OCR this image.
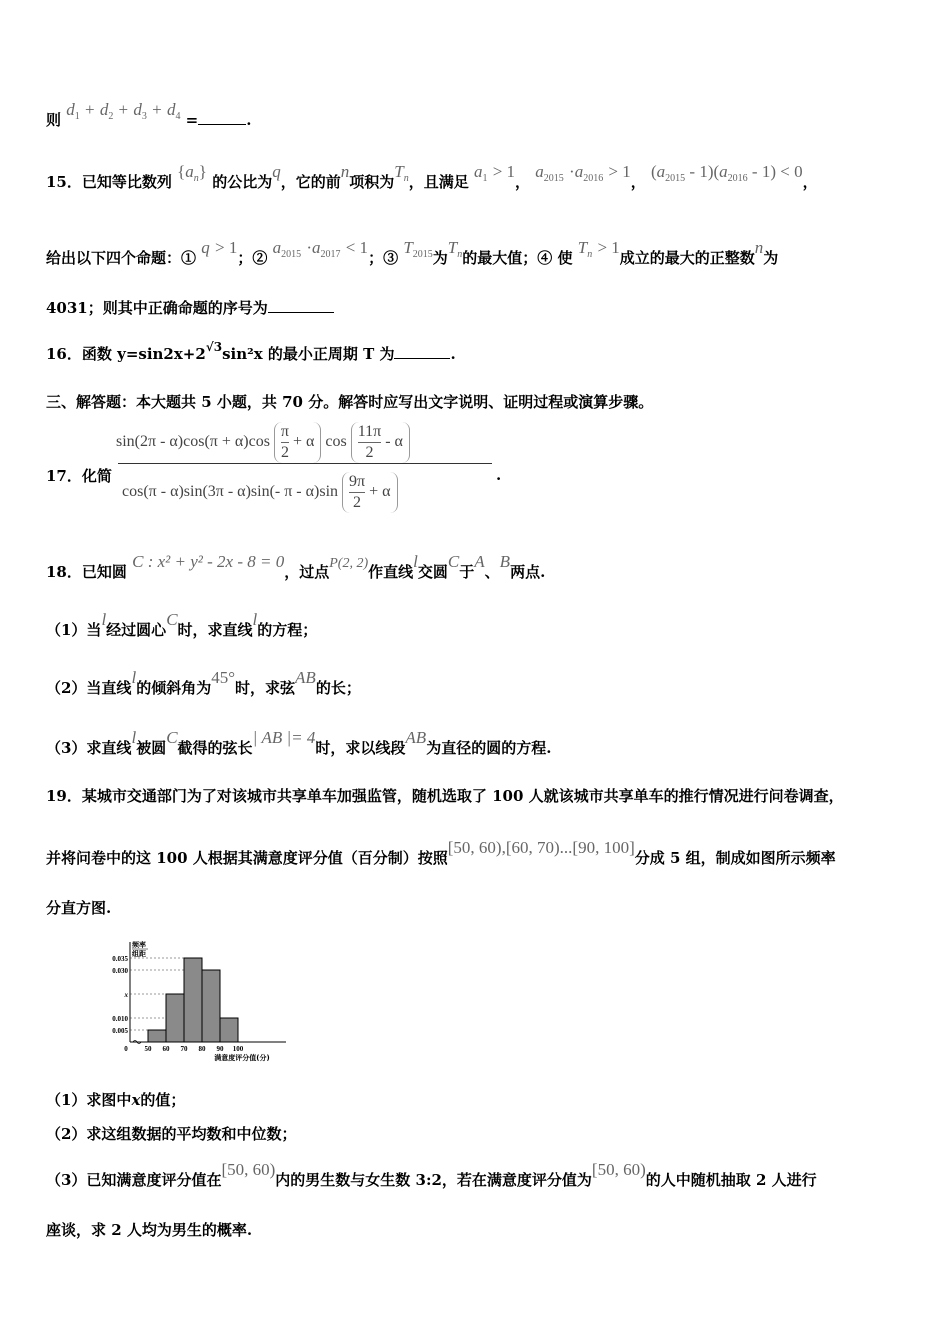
则 $d_1 + d_2 + d_3 + d_4$ =	.
15．已知等比数列 $\{a_n\}$ 的公比为q，它的前n项积为$T_n$，且满足 $a_1 > 1$， $a_{2015} \cdot a_{2016} > 1$， $(a_{2015} - 1)(a_{2016} - 1) < 0$，
给出以下四个命题：① q > 1；② $a_{2015} \cdot a_{2017} < 1$；③ $T_{2015}$为$T_n$的最大值；④ 使 $T_n > 1$成立的最大的正整数n为
4031；则其中正确命题的序号为
16．函数 $y=\sin 2x+2^{√3}\sin^2x$ 的最小正周期 T 为	.
三、解答题：本大题共 5 小题，共 70 分。解答时应写出文字说明、证明过程或演算步骤。
17．化简
$\sin(2\pi - \alpha)\cos(\pi + \alpha)\cos \frac{\pi}{2} + \alpha$ $\cos \frac{11\pi}{2}$ - α
.
cos(π - α)sin(3π - α)sin(- $\pi - \alpha)\sin \frac{9\pi}{2} + \alpha$
18．已知圆 C : x² + y² - 2x - 8 = 0，过点P(2, 2)作直线l交圆C于A、B两点.
（1）当l经过圆心C时，求直线l的方程；
（2）当直线l的倾斜角为45°时，求弦AB的长；
（3）求直线l被圆C截得的弦长| AB |= 4时，求以线段AB为直径的圆的方程.
19．某城市交通部门为了对该城市共享单车加强监管，随机选取了 100 人就该城市共享单车的推行情况进行问卷调查，
并将问卷中的这 100 人根据其满意度评分值（百分制）按照[50, 60),[60, 70)...[90, 100]分成 5 组，制成如图所示频率
分直方图.
0.035
0.030
x
0.010
0.005
0 50 60 70 80 90 100
频率
组距
满意度评分值(分)
（1）求图中x的值；
（2）求这组数据的平均数和中位数；
（3）已知满意度评分值在[50, 60)内的男生数与女生数 3:2，若在满意度评分值为[50, 60)的人中随机抽取 2 人进行
座谈，求 2 人均为男生的概率.
